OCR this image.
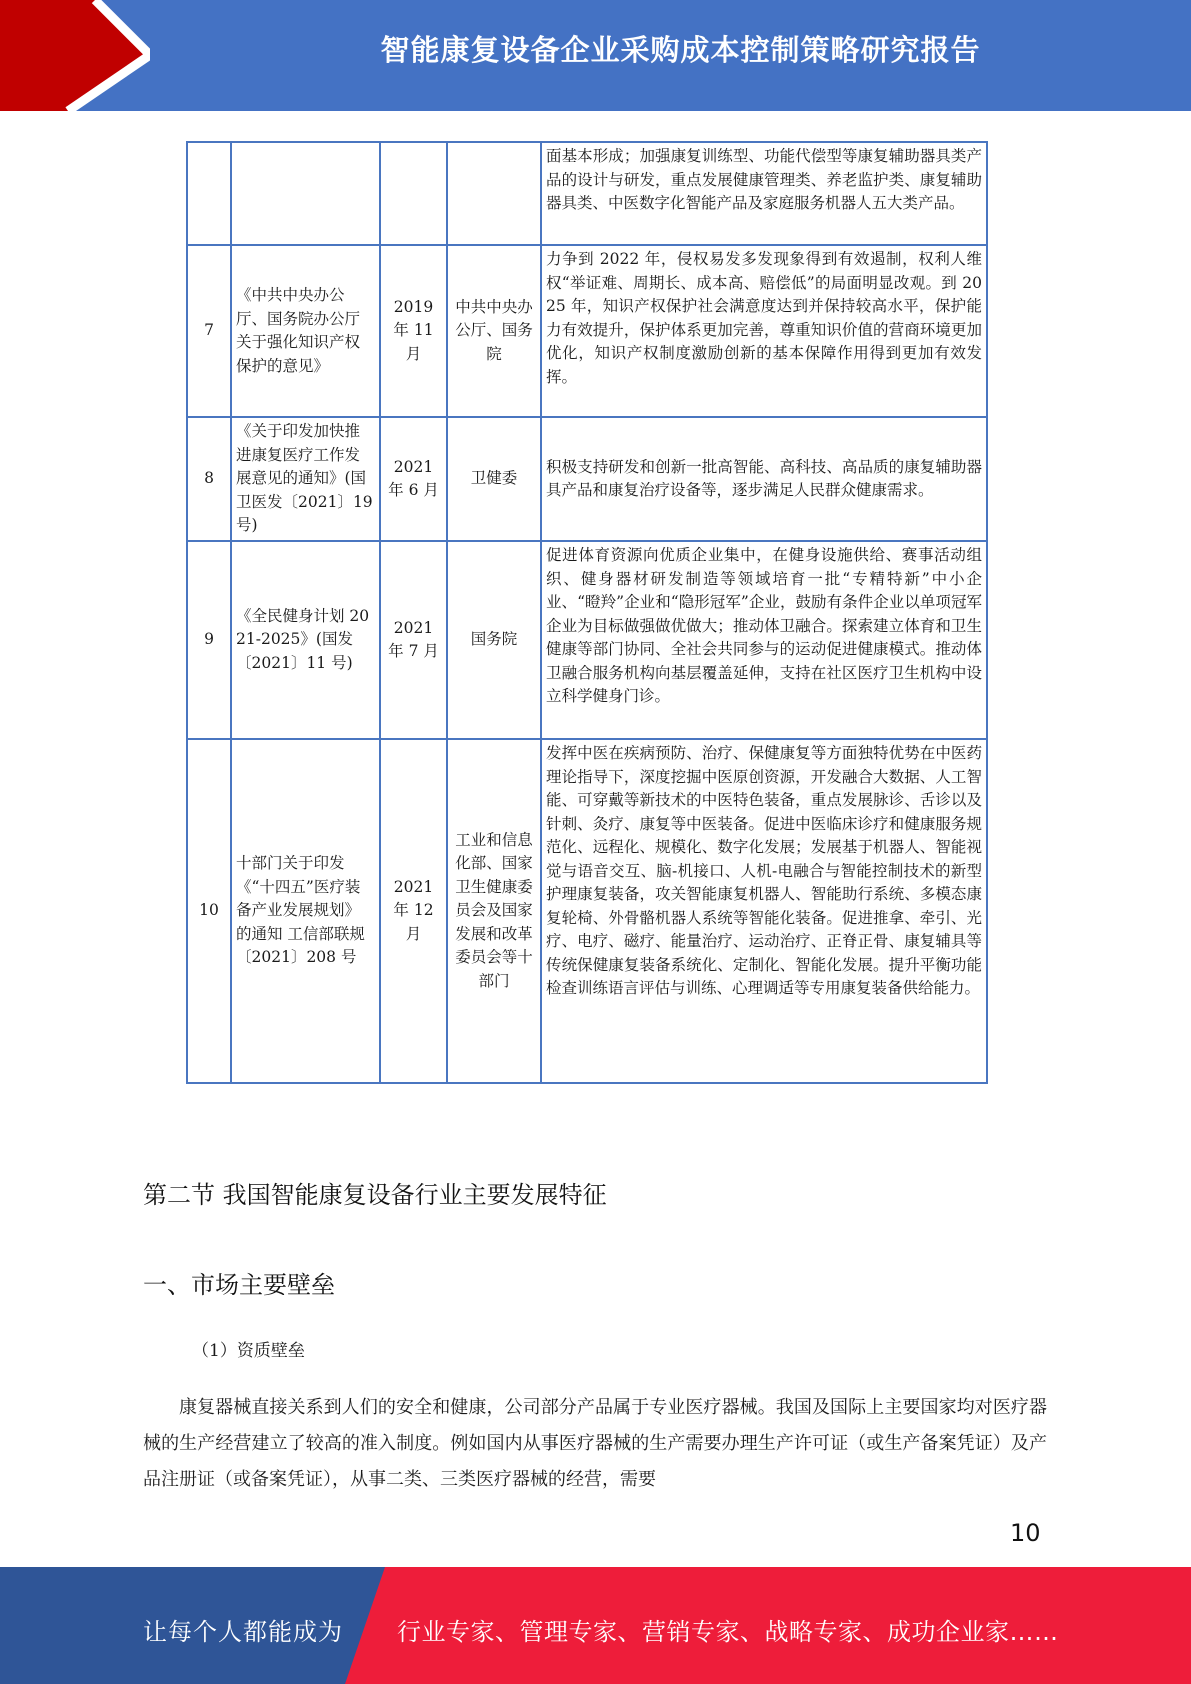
智能康复设备企业采购成本控制策略研究报告
				面基本形成；加强康复训练型、功能代偿型等康复辅助器具类产品的设计与研发，重点发展健康管理类、养老监护类、康复辅助器具类、中医数字化智能产品及家庭服务机器人五大类产品。
7	《中共中央办公厅、国务院办公厅关于强化知识产权保护的意见》	2019 年 11 月	中共中央办公厅、国务院	力争到 2022 年，侵权易发多发现象得到有效遏制，权利人维权“举证难、周期长、成本高、赔偿低”的局面明显改观。到 2025 年，知识产权保护社会满意度达到并保持较高水平，保护能力有效提升，保护体系更加完善，尊重知识价值的营商环境更加优化，知识产权制度激励创新的基本保障作用得到更加有效发挥。
8	《关于印发加快推进康复医疗工作发展意见的通知》(国卫医发〔2021〕19 号)	2021 年 6 月	卫健委	积极支持研发和创新一批高智能、高科技、高品质的康复辅助器具产品和康复治疗设备等，逐步满足人民群众健康需求。
9	《全民健身计划 2021-2025》(国发〔2021〕11 号)	2021 年 7 月	国务院	促进体育资源向优质企业集中，在健身设施供给、赛事活动组织、健身器材研发制造等领域培育一批“专精特新”中小企业、“瞪羚”企业和“隐形冠军”企业，鼓励有条件企业以单项冠军企业为目标做强做优做大；推动体卫融合。探索建立体育和卫生健康等部门协同、全社会共同参与的运动促进健康模式。推动体卫融合服务机构向基层覆盖延伸，支持在社区医疗卫生机构中设立科学健身门诊。
10	十部门关于印发《“十四五”医疗装备产业发展规划》的通知 工信部联规〔2021〕208 号	2021 年 12 月	工业和信息化部、国家卫生健康委员会及国家发展和改革委员会等十部门	发挥中医在疾病预防、治疗、保健康复等方面独特优势在中医药理论指导下，深度挖掘中医原创资源，开发融合大数据、人工智能、可穿戴等新技术的中医特色装备，重点发展脉诊、舌诊以及针刺、灸疗、康复等中医装备。促进中医临床诊疗和健康服务规范化、远程化、规模化、数字化发展；发展基于机器人、智能视觉与语音交互、脑-机接口、人机-电融合与智能控制技术的新型护理康复装备，攻关智能康复机器人、智能助行系统、多模态康复轮椅、外骨骼机器人系统等智能化装备。促进推拿、牵引、光疗、电疗、磁疗、能量治疗、运动治疗、正脊正骨、康复辅具等传统保健康复装备系统化、定制化、智能化发展。提升平衡功能检查训练语言评估与训练、心理调适等专用康复装备供给能力。
第二节 我国智能康复设备行业主要发展特征
一、市场主要壁垒
（1）资质壁垒
康复器械直接关系到人们的安全和健康，公司部分产品属于专业医疗器械。我国及国际上主要国家均对医疗器械的生产经营建立了较高的准入制度。例如国内从事医疗器械的生产需要办理生产许可证（或生产备案凭证）及产品注册证（或备案凭证），从事二类、三类医疗器械的经营，需要
10
让每个人都能成为 行业专家、管理专家、营销专家、战略专家、成功企业家……
